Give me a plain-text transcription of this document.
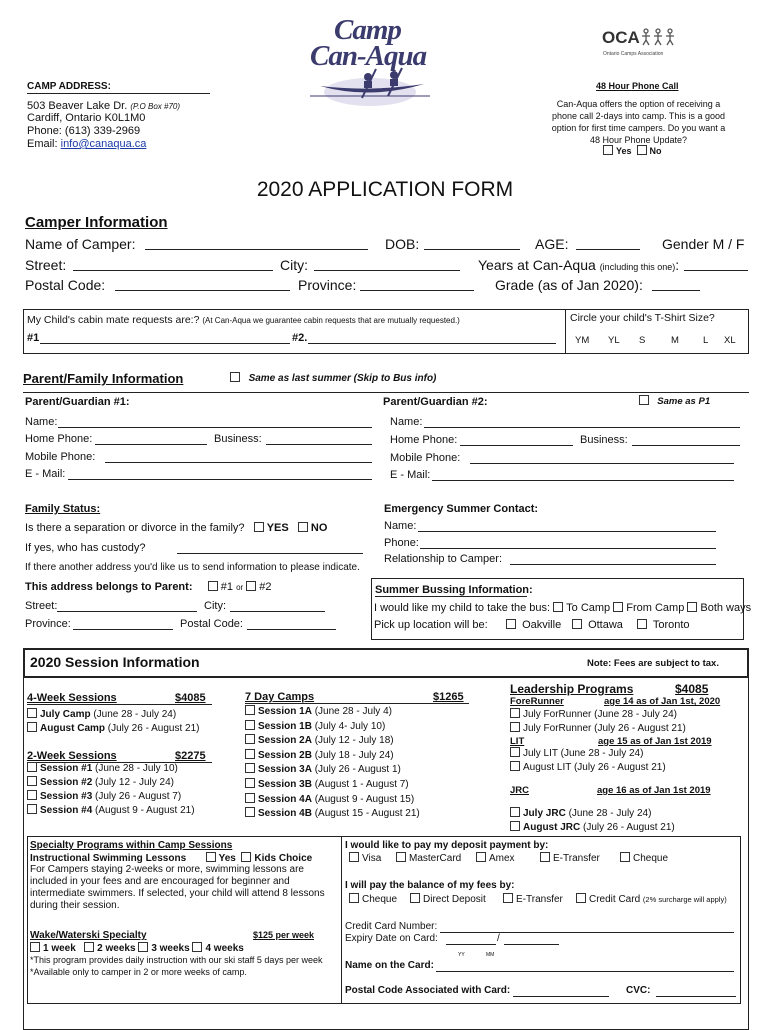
Camp
Can-Aqua
OCA
Ontario Camps Association
CAMP ADDRESS:
503 Beaver Lake Dr. (P.O Box #70)
Cardiff, Ontario K0L1M0
Phone: (613) 339-2969
Email: info@canaqua.ca
48 Hour Phone Call
Can-Aqua offers the option of receiving a phone call 2-days into camp. This is a good option for first time campers. Do you want a 48 Hour Phone Update?
Yes No
2020 APPLICATION FORM
Camper Information
Name of Camper:	DOB:	AGE:	Gender M / F
Street:	City:	Years at Can-Aqua (including this one):
Postal Code:	Province:	Grade (as of Jan 2020):
My Child's cabin mate requests are:? (At Can-Aqua we guarantee cabin requests that are mutually requested.)
#1	#2.
Circle your child's T-Shirt Size?
YM YL S	M	L XL
Parent/Family Information	Same as last summer (Skip to Bus info)
Parent/Guardian #1:	Parent/Guardian #2:	Same as P1
Name:
Home Phone:	Business:
Mobile Phone:
E - Mail:
Name:
Home Phone:	Business:
Mobile Phone:
E - Mail:
Family Status:
Is there a separation or divorce in the family? YES NO
If yes, who has custody?
If there another address you'd like us to send information to please indicate.
This address belongs to Parent:	#1 or #2
Street:	City:
Province:	Postal Code:
Emergency Summer Contact:
Name:
Phone:
Relationship to Camper:
Summer Bussing Information:
I would like my child to take the bus: To Camp From Camp Both ways
Pick up location will be:	Oakville	Ottawa	Toronto
2020 Session Information	Note: Fees are subject to tax.
4-Week Sessions	$4085
July Camp (June 28 - July 24)
August Camp (July 26 - August 21)
2-Week Sessions	$2275
Session #1 (June 28 - July 10)
Session #2 (July 12 - July 24)
Session #3 (July 26 - August 7)
Session #4 (August 9 - August 21)
7 Day Camps	$1265
Session 1A (June 28 - July 4)
Session 1B (July 4- July 10)
Session 2A (July 12 - July 18)
Session 2B (July 18 - July 24)
Session 3A (July 26 - August 1)
Session 3B (August 1 - August 7)
Session 4A (August 9 - August 15)
Session 4B (August 15 - August 21)
Leadership Programs	$4085
ForeRunner	age 14 as of Jan 1st, 2020
July ForRunner (June 28 - July 24)
July ForRunner (July 26 - August 21)
LIT	age 15 as of Jan 1st 2019
July LIT (June 28 - July 24)
August LIT (July 26 - August 21)
JRC	age 16 as of Jan 1st 2019
July JRC (June 28 - July 24)
August JRC (July 26 - August 21)
Specialty Programs within Camp Sessions
Instructional Swimming Lessons	Yes Kids Choice
For Campers staying 2-weeks or more, swimming lessons are included in your fees and are encouraged for beginner and intermediate swimmers. If selected, your child will attend 8 lessons during their session.
Wake/Waterski Specialty	$125 per week
1 week 2 weeks 3 weeks 4 weeks
*This program provides daily instruction with our ski staff 5 days per week
*Available only to camper in 2 or more weeks of camp.
I would like to pay my deposit payment by:
Visa	MasterCard	Amex	E-Transfer	Cheque
I will pay the balance of my fees by:
Cheque	Direct Deposit	E-Transfer	Credit Card (2% surcharge will apply)
Credit Card Number:
Expiry Date on Card:	/
YY	MM
Name on the Card:
Postal Code Associated with Card:	CVC:
